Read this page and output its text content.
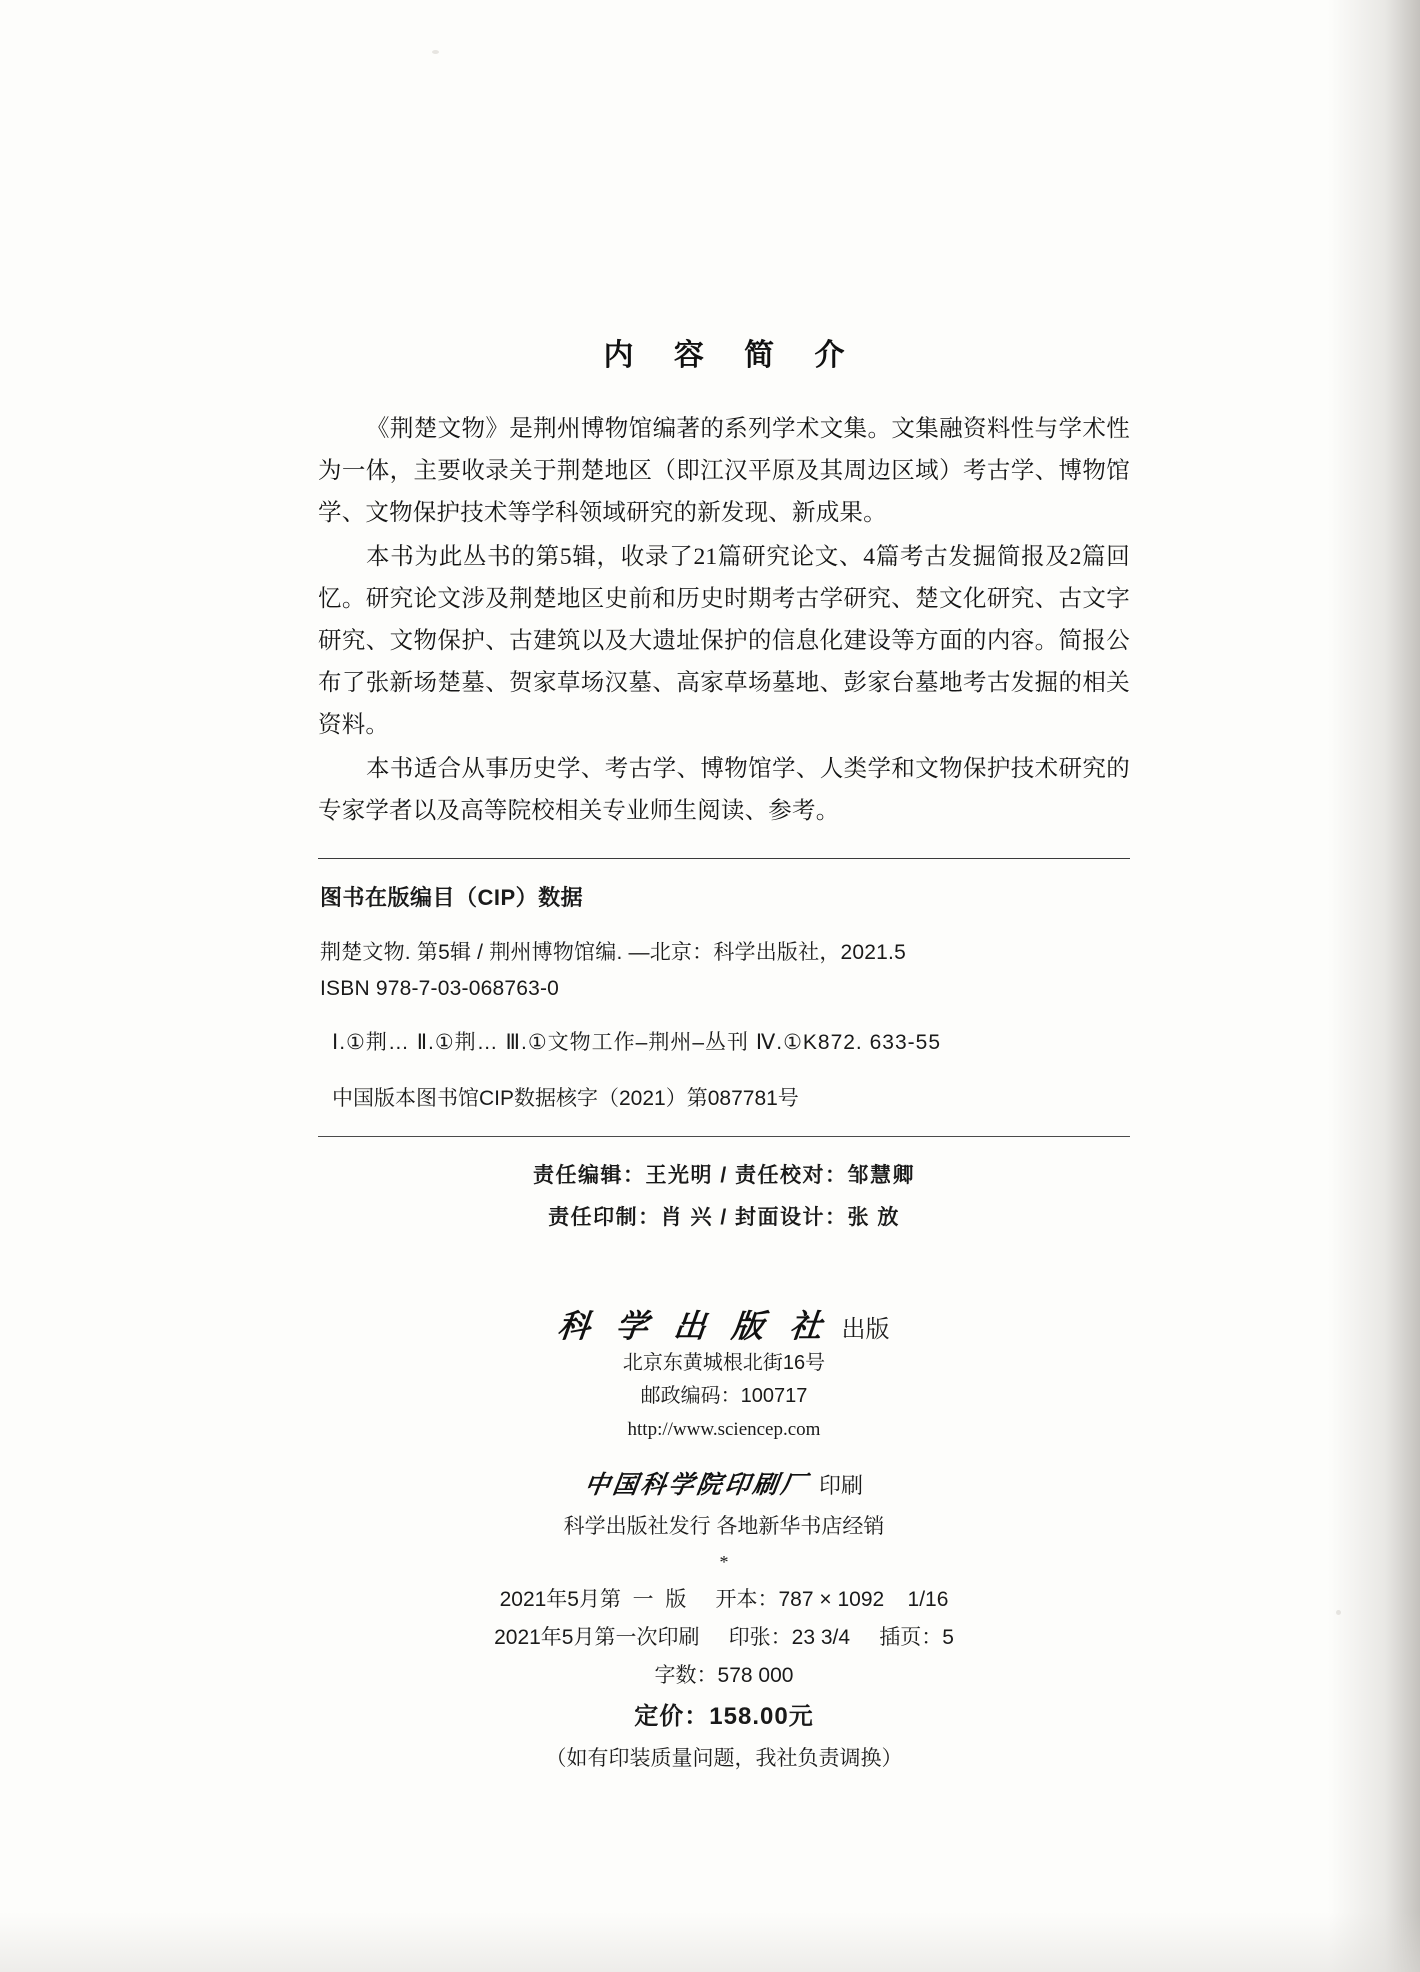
内 容 简 介

《荆楚文物》是荆州博物馆编著的系列学术文集。文集融资料性与学术性为一体，主要收录关于荆楚地区（即江汉平原及其周边区域）考古学、博物馆学、文物保护技术等学科领域研究的新发现、新成果。

本书为此丛书的第5辑，收录了21篇研究论文、4篇考古发掘简报及2篇回忆。研究论文涉及荆楚地区史前和历史时期考古学研究、楚文化研究、古文字研究、文物保护、古建筑以及大遗址保护的信息化建设等方面的内容。简报公布了张新场楚墓、贺家草场汉墓、高家草场墓地、彭家台墓地考古发掘的相关资料。

本书适合从事历史学、考古学、博物馆学、人类学和文物保护技术研究的专家学者以及高等院校相关专业师生阅读、参考。

图书在版编目（CIP）数据
荆楚文物. 第5辑 / 荆州博物馆编. —北京：科学出版社，2021.5
ISBN 978-7-03-068763-0
Ⅰ.①荆… Ⅱ.①荆… Ⅲ.①文物工作–荆州–丛刊 Ⅳ.①K872. 633-55
中国版本图书馆CIP数据核字（2021）第087781号
责任编辑：王光明 / 责任校对：邹慧卿
责任印制：肖 兴 / 封面设计：张 放
科 学 出 版 社 出版
北京东黄城根北街16号
邮政编码：100717
http://www.sciencep.com
中国科学院印刷厂 印刷
科学出版社发行 各地新华书店经销
*
2021年5月第  一  版     开本：787 × 1092    1/16
2021年5月第一次印刷     印张：23 3/4     插页：5
字数：578 000
定价：158.00元
（如有印装质量问题，我社负责调换）
